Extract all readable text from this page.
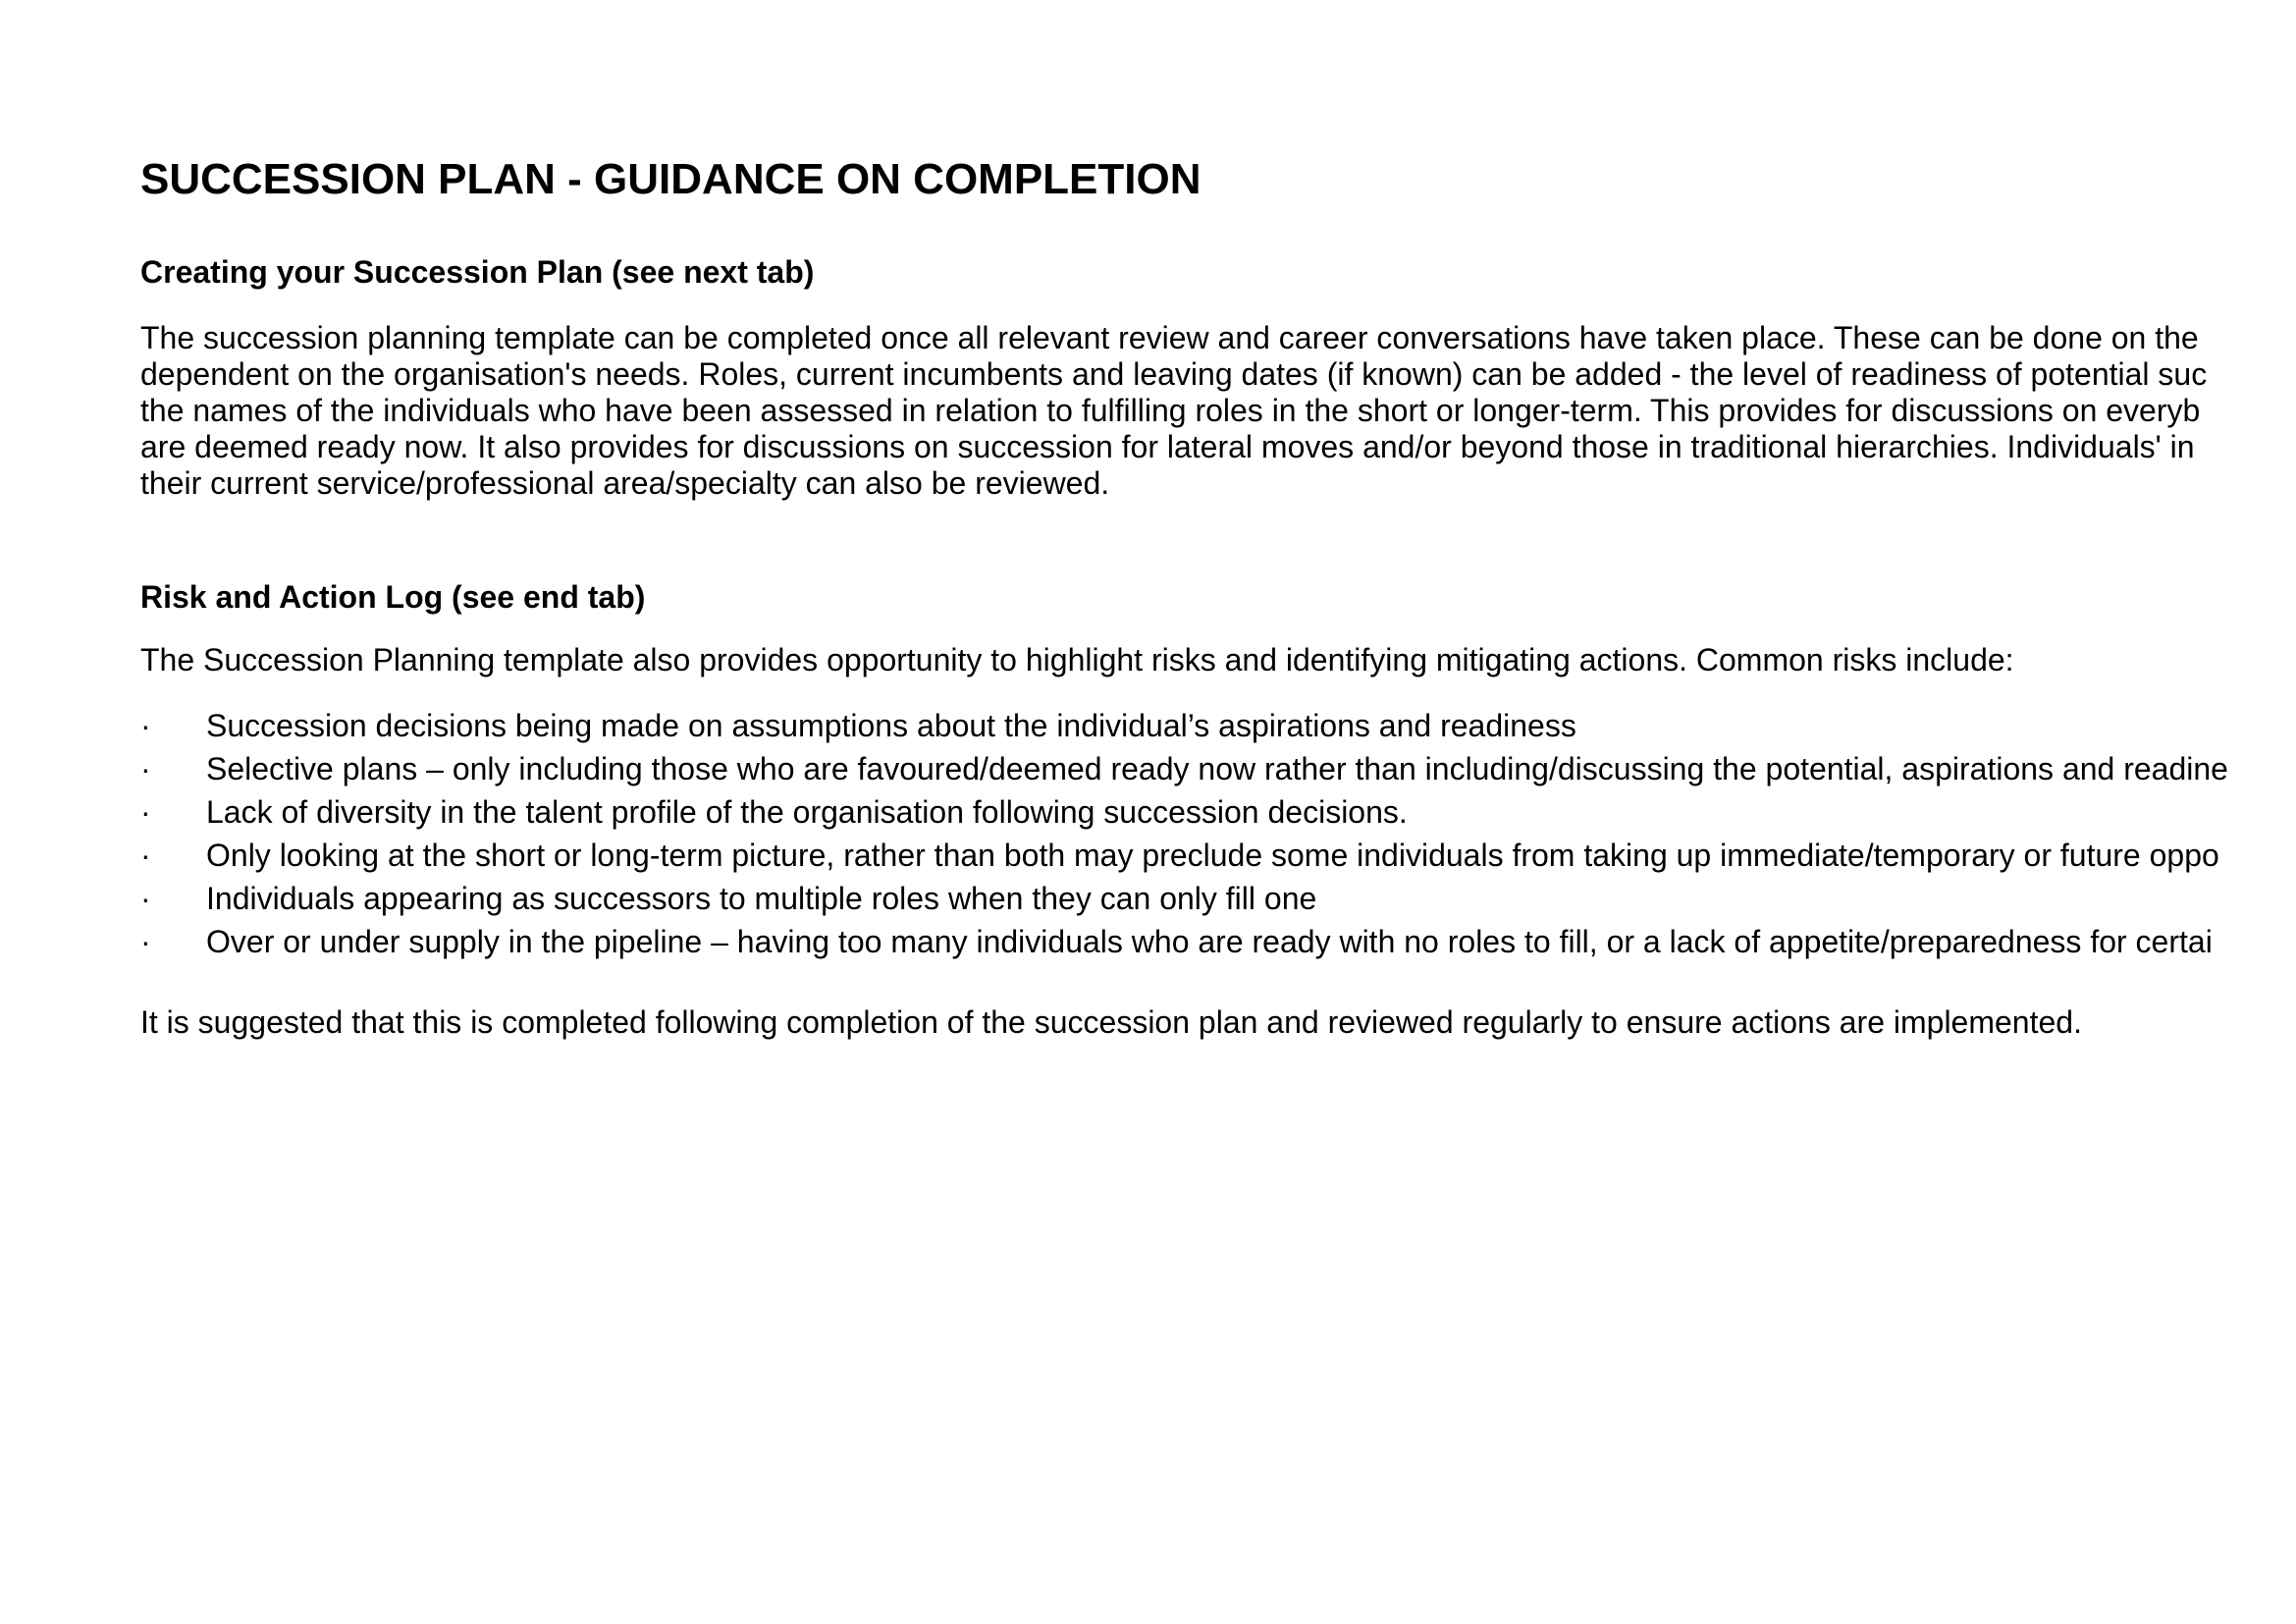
SUCCESSION PLAN - GUIDANCE ON COMPLETION
Creating your Succession Plan (see next tab)
The succession planning template can be completed once all relevant review and career conversations have taken place. These can be done on the
dependent on the organisation's needs. Roles, current incumbents and leaving dates (if known) can be added - the level of readiness of potential suc
the names of the individuals who have been assessed in relation to fulfilling roles in the short or longer-term. This provides for discussions on everyb
are deemed ready now. It also provides for discussions on succession for lateral moves and/or beyond those in traditional hierarchies. Individuals' in
their current service/professional area/specialty can also be reviewed.
Risk and Action Log (see end tab)

The Succession Planning template also provides opportunity to highlight risks and identifying mitigating actions. Common risks include:

· Succession decisions being made on assumptions about the individual’s aspirations and readiness
· Selective plans – only including those who are favoured/deemed ready now rather than including/discussing the potential, aspirations and readine
· Lack of diversity in the talent profile of the organisation following succession decisions.
· Only looking at the short or long-term picture, rather than both may preclude some individuals from taking up immediate/temporary or future oppo
· Individuals appearing as successors to multiple roles when they can only fill one
· Over or under supply in the pipeline – having too many individuals who are ready with no roles to fill, or a lack of appetite/preparedness for certai

It is suggested that this is completed following completion of the succession plan and reviewed regularly to ensure actions are implemented.
